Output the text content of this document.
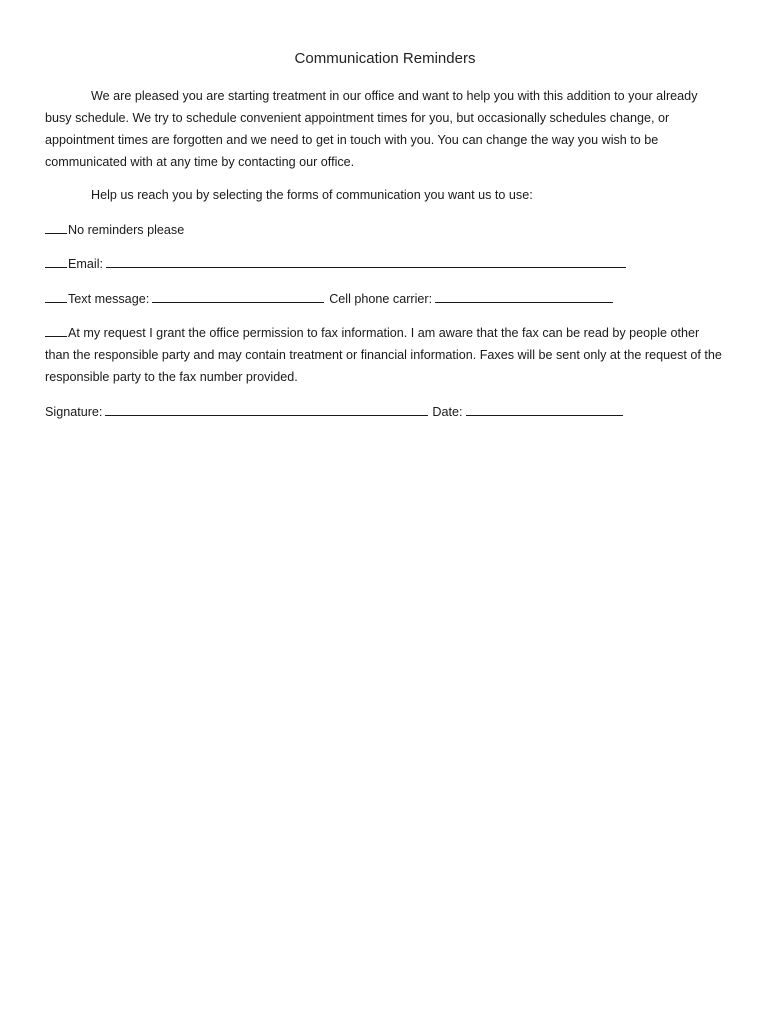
Communication Reminders
We are pleased you are starting treatment in our office and want to help you with this addition to your already busy schedule. We try to schedule convenient appointment times for you, but occasionally schedules change, or appointment times are forgotten and we need to get in touch with you. You can change the way you wish to be communicated with at any time by contacting our office.
Help us reach you by selecting the forms of communication you want us to use:
No reminders please
Email:
Text message:	Cell phone carrier:
At my request I grant the office permission to fax information. I am aware that the fax can be read by people other than the responsible party and may contain treatment or financial information. Faxes will be sent only at the request of the responsible party to the fax number provided.
Signature:	Date:
